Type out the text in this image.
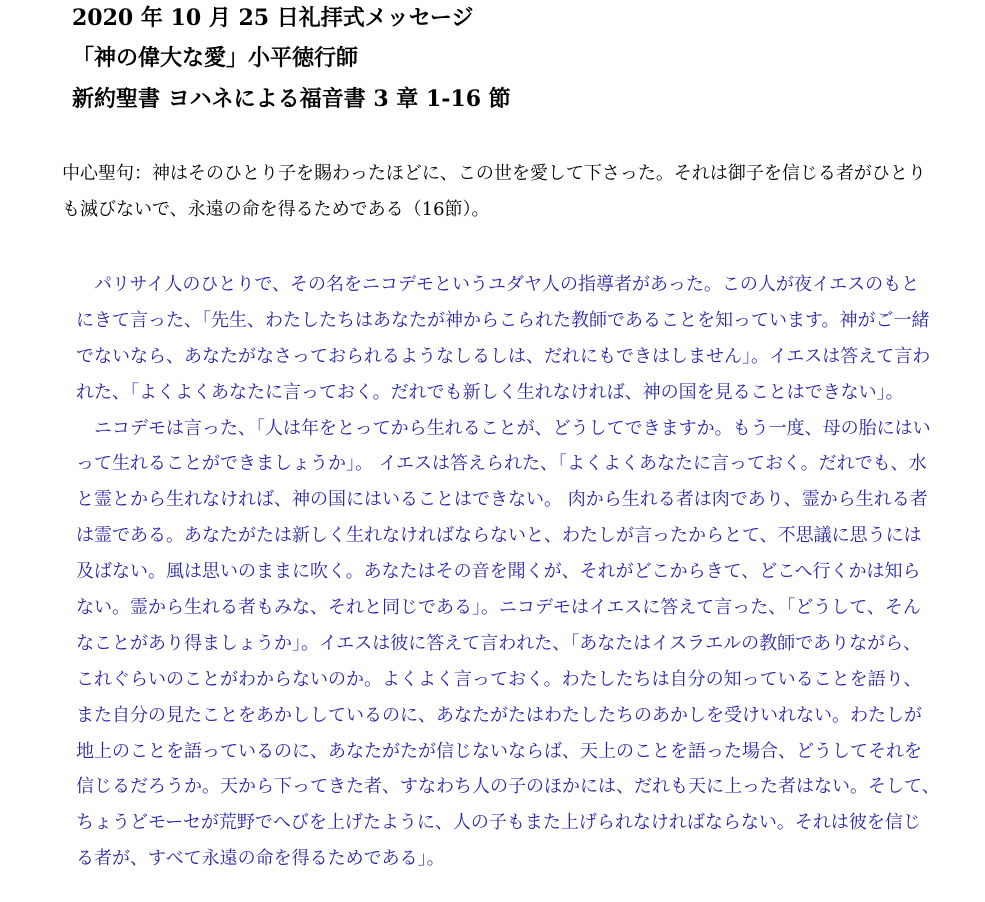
2020 年 10 月 25 日礼拝式メッセージ
「神の偉大な愛」小平徳行師
新約聖書 ヨハネによる福音書 3 章 1-16 節
中心聖句：神はそのひとり子を賜わったほどに、この世を愛して下さった。それは御子を信じる者がひとり
も滅びないで、永遠の命を得るためである（16節）。
　パリサイ人のひとりで、その名をニコデモというユダヤ人の指導者があった。この人が夜イエスのもと
にきて言った、「先生、わたしたちはあなたが神からこられた教師であることを知っています。神がご一緒
でないなら、あなたがなさっておられるようなしるしは、だれにもできはしません」。イエスは答えて言わ
れた、「よくよくあなたに言っておく。だれでも新しく生れなければ、神の国を見ることはできない」。
　ニコデモは言った、「人は年をとってから生れることが、どうしてできますか。もう一度、母の胎にはい
って生れることができましょうか」。 イエスは答えられた、「よくよくあなたに言っておく。だれでも、水
と霊とから生れなければ、神の国にはいることはできない。 肉から生れる者は肉であり、霊から生れる者
は霊である。あなたがたは新しく生れなければならないと、わたしが言ったからとて、不思議に思うには
及ばない。風は思いのままに吹く。あなたはその音を聞くが、それがどこからきて、どこへ行くかは知ら
ない。霊から生れる者もみな、それと同じである」。ニコデモはイエスに答えて言った、「どうして、そん
なことがあり得ましょうか」。イエスは彼に答えて言われた、「あなたはイスラエルの教師でありながら、
これぐらいのことがわからないのか。よくよく言っておく。わたしたちは自分の知っていることを語り、
また自分の見たことをあかししているのに、あなたがたはわたしたちのあかしを受けいれない。わたしが
地上のことを語っているのに、あなたがたが信じないならば、天上のことを語った場合、どうしてそれを
信じるだろうか。天から下ってきた者、すなわち人の子のほかには、だれも天に上った者はない。そして、
ちょうどモーセが荒野でへびを上げたように、人の子もまた上げられなければならない。それは彼を信じ
る者が、すべて永遠の命を得るためである」。
